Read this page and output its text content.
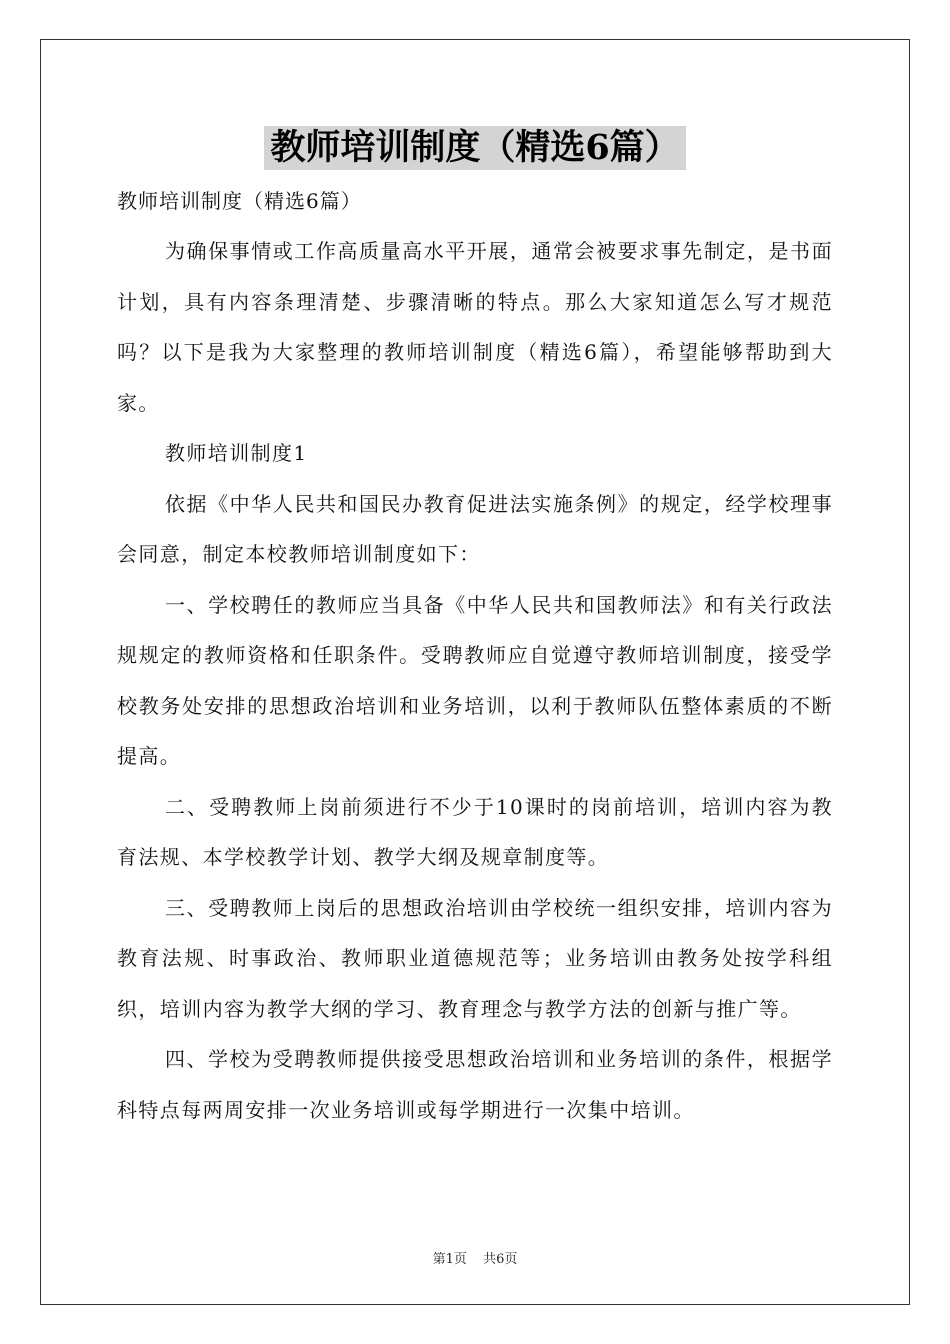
教师培训制度（精选6篇）

教师培训制度（精选6篇）

为确保事情或工作高质量高水平开展，通常会被要求事先制定，是书面计划，具有内容条理清楚、步骤清晰的特点。那么大家知道怎么写才规范吗？以下是我为大家整理的教师培训制度（精选6篇），希望能够帮助到大家。

教师培训制度1

依据《中华人民共和国民办教育促进法实施条例》的规定，经学校理事会同意，制定本校教师培训制度如下：

一、学校聘任的教师应当具备《中华人民共和国教师法》和有关行政法规规定的教师资格和任职条件。受聘教师应自觉遵守教师培训制度，接受学校教务处安排的思想政治培训和业务培训，以利于教师队伍整体素质的不断提高。

二、受聘教师上岗前须进行不少于10课时的岗前培训，培训内容为教育法规、本学校教学计划、教学大纲及规章制度等。

三、受聘教师上岗后的思想政治培训由学校统一组织安排，培训内容为教育法规、时事政治、教师职业道德规范等；业务培训由教务处按学科组织，培训内容为教学大纲的学习、教育理念与教学方法的创新与推广等。

四、学校为受聘教师提供接受思想政治培训和业务培训的条件，根据学科特点每两周安排一次业务培训或每学期进行一次集中培训。

第1页 共6页
